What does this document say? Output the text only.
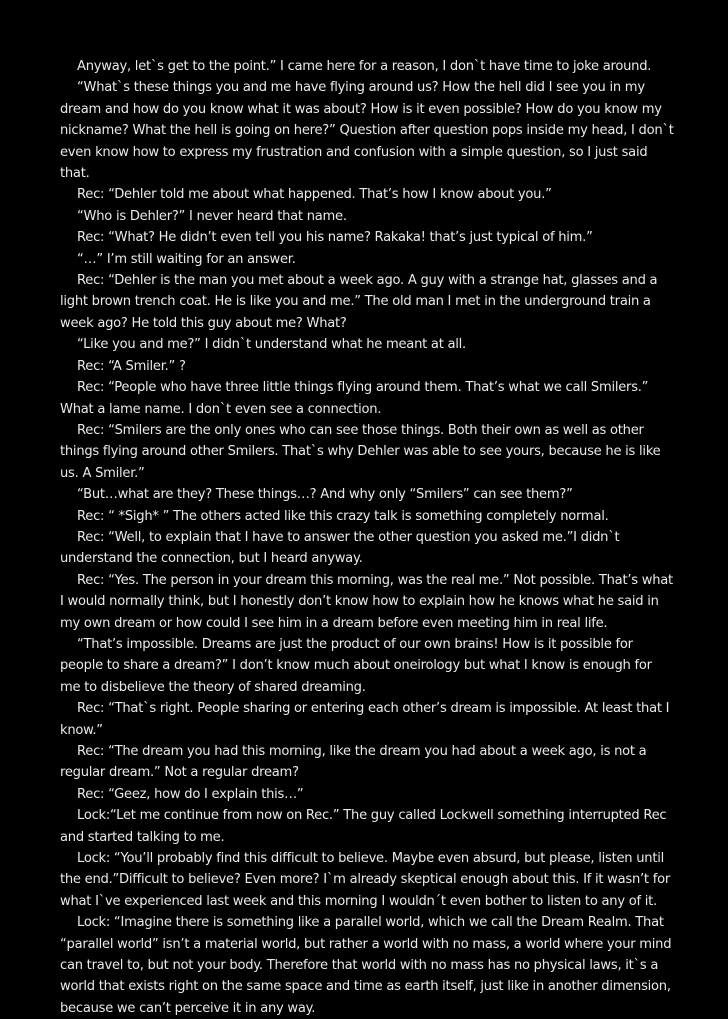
Anyway, let`s get to the point.” I came here for a reason, I don`t have time to joke around.

“What`s these things you and me have flying around us? How the hell did I see you in my dream and how do you know what it was about? How is it even possible? How do you know my nickname? What the hell is going on here?” Question after question pops inside my head, I don`t even know how to express my frustration and confusion with a simple question, so I just said that.

Rec: “Dehler told me about what happened. That’s how I know about you.”

“Who is Dehler?” I never heard that name.

Rec: “What? He didn’t even tell you his name? Rakaka! that’s just typical of him.”

“…” I’m still waiting for an answer.

Rec: “Dehler is the man you met about a week ago. A guy with a strange hat, glasses and a light brown trench coat. He is like you and me.” The old man I met in the underground train a week ago? He told this guy about me? What?

“Like you and me?” I didn`t understand what he meant at all.

Rec: “A Smiler.” ?

Rec: “People who have three little things flying around them. That’s what we call Smilers.” What a lame name. I don`t even see a connection.

Rec: “Smilers are the only ones who can see those things. Both their own as well as other things flying around other Smilers. That`s why Dehler was able to see yours, because he is like us. A Smiler.”

“But…what are they? These things…? And why only “Smilers” can see them?”

Rec: “ *Sigh* ” The others acted like this crazy talk is something completely normal.

Rec: “Well, to explain that I have to answer the other question you asked me.”I didn`t understand the connection, but I heard anyway.

Rec: “Yes. The person in your dream this morning, was the real me.” Not possible. That’s what I would normally think, but I honestly don’t know how to explain how he knows what he said in my own dream or how could I see him in a dream before even meeting him in real life.

“That’s impossible. Dreams are just the product of our own brains! How is it possible for people to share a dream?” I don’t know much about oneirology but what I know is enough for me to disbelieve the theory of shared dreaming.

Rec: “That`s right. People sharing or entering each other’s dream is impossible. At least that I know.”

Rec: “The dream you had this morning, like the dream you had about a week ago, is not a regular dream.” Not a regular dream?

Rec: “Geez, how do I explain this…”

Lock:“Let me continue from now on Rec.” The guy called Lockwell something interrupted Rec and started talking to me.

Lock: “You’ll probably find this difficult to believe. Maybe even absurd, but please, listen until the end.”Difficult to believe? Even more? I`m already skeptical enough about this. If it wasn’t for what I`ve experienced last week and this morning I wouldn´t even bother to listen to any of it.

Lock: “Imagine there is something like a parallel world, which we call the Dream Realm. That “parallel world” isn’t a material world, but rather a world with no mass, a world where your mind can travel to, but not your body. Therefore that world with no mass has no physical laws, it`s a world that exists right on the same space and time as earth itself, just like in another dimension, because we can’t perceive it in any way.
